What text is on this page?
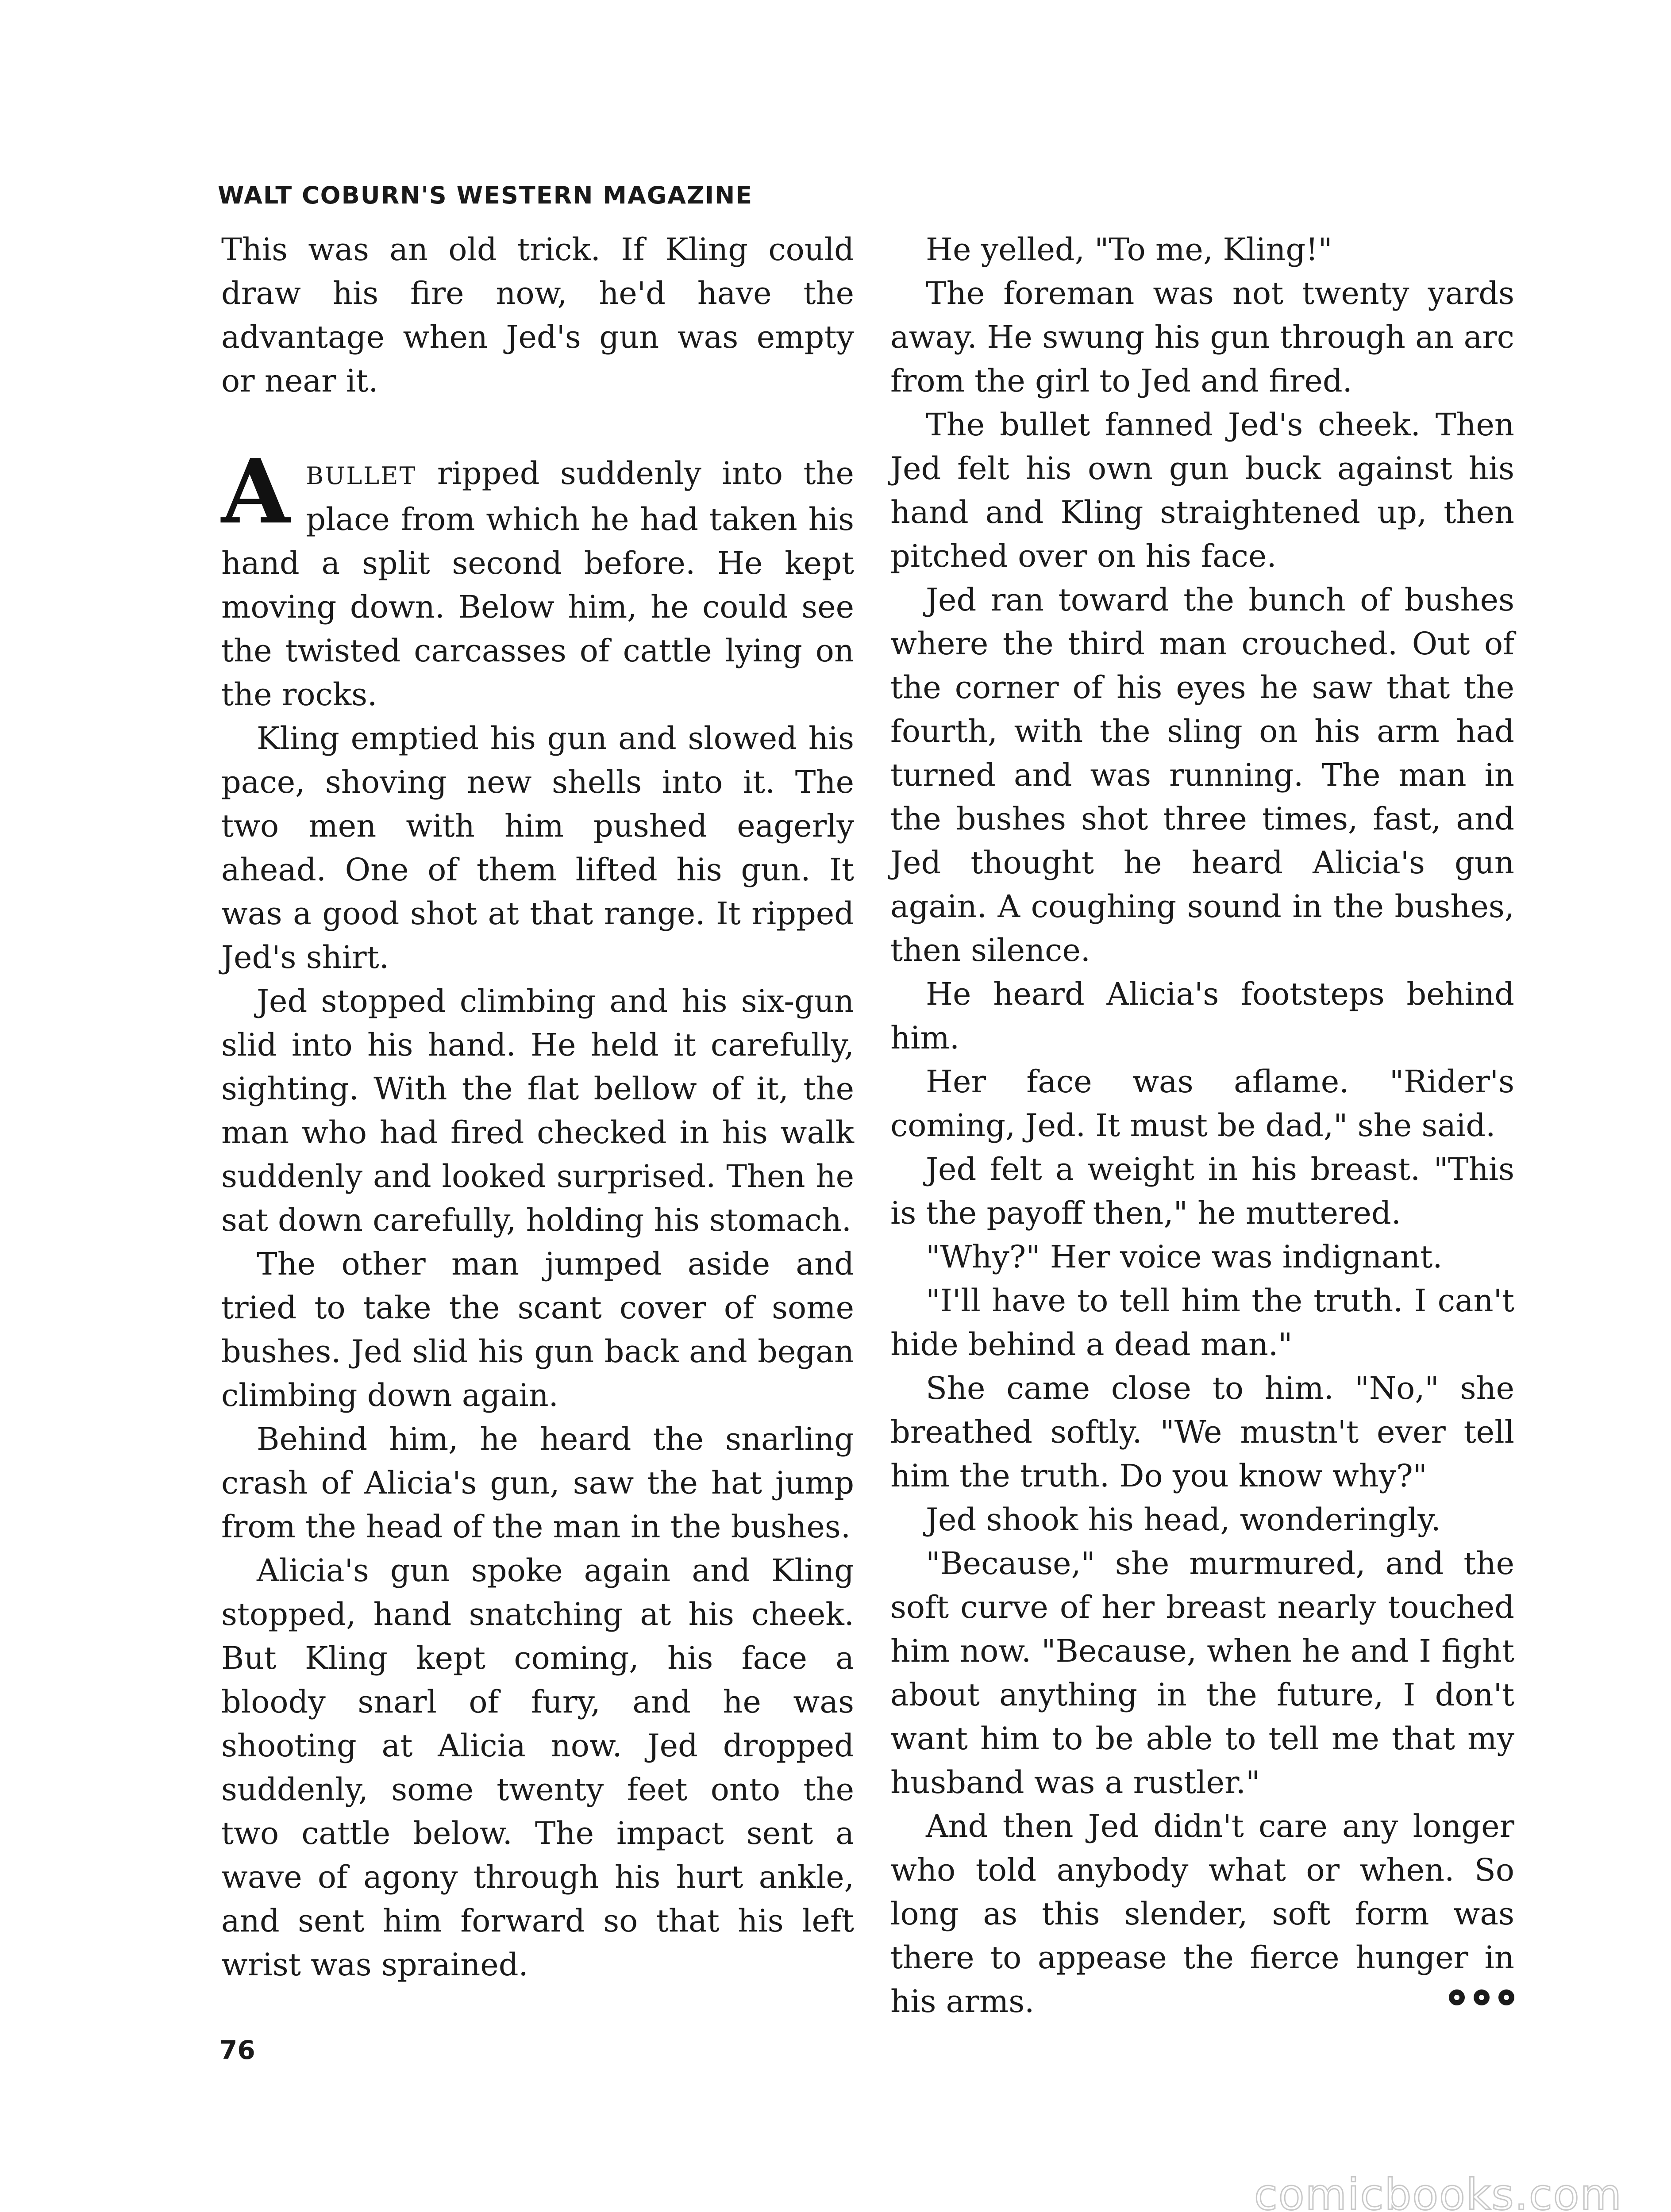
WALT COBURN'S WESTERN MAGAZINE

This was an old trick. If Kling could draw his fire now, he'd have the advantage when Jed's gun was empty or near it.

ABULLET ripped suddenly into the place from which he had taken his hand a split second before. He kept moving down. Below him, he could see the twisted carcasses of cattle lying on the rocks.

Kling emptied his gun and slowed his pace, shoving new shells into it. The two men with him pushed eagerly ahead. One of them lifted his gun. It was a good shot at that range. It ripped Jed's shirt.

Jed stopped climbing and his six-gun slid into his hand. He held it carefully, sighting. With the flat bellow of it, the man who had fired checked in his walk suddenly and looked surprised. Then he sat down carefully, holding his stomach.

The other man jumped aside and tried to take the scant cover of some bushes. Jed slid his gun back and began climbing down again.

Behind him, he heard the snarling crash of Alicia's gun, saw the hat jump from the head of the man in the bushes.

Alicia's gun spoke again and Kling stopped, hand snatching at his cheek. But Kling kept coming, his face a bloody snarl of fury, and he was shooting at Alicia now. Jed dropped suddenly, some twenty feet onto the two cattle below. The impact sent a wave of agony through his hurt ankle, and sent him forward so that his left wrist was sprained.

He yelled, "To me, Kling!"

The foreman was not twenty yards away. He swung his gun through an arc from the girl to Jed and fired.

The bullet fanned Jed's cheek. Then Jed felt his own gun buck against his hand and Kling straightened up, then pitched over on his face.

Jed ran toward the bunch of bushes where the third man crouched. Out of the corner of his eyes he saw that the fourth, with the sling on his arm had turned and was running. The man in the bushes shot three times, fast, and Jed thought he heard Alicia's gun again. A coughing sound in the bushes, then silence.

He heard Alicia's footsteps behind him.

Her face was aflame. "Rider's coming, Jed. It must be dad," she said.

Jed felt a weight in his breast. "This is the payoff then," he muttered.

"Why?" Her voice was indignant.

"I'll have to tell him the truth. I can't hide behind a dead man."

She came close to him. "No," she breathed softly. "We mustn't ever tell him the truth. Do you know why?"

Jed shook his head, wonderingly.

"Because," she murmured, and the soft curve of her breast nearly touched him now. "Because, when he and I fight about anything in the future, I don't want him to be able to tell me that my husband was a rustler."

And then Jed didn't care any longer who told anybody what or when. So long as this slender, soft form was there to appease the fierce hunger in his arms.

76

comicbooks.com
